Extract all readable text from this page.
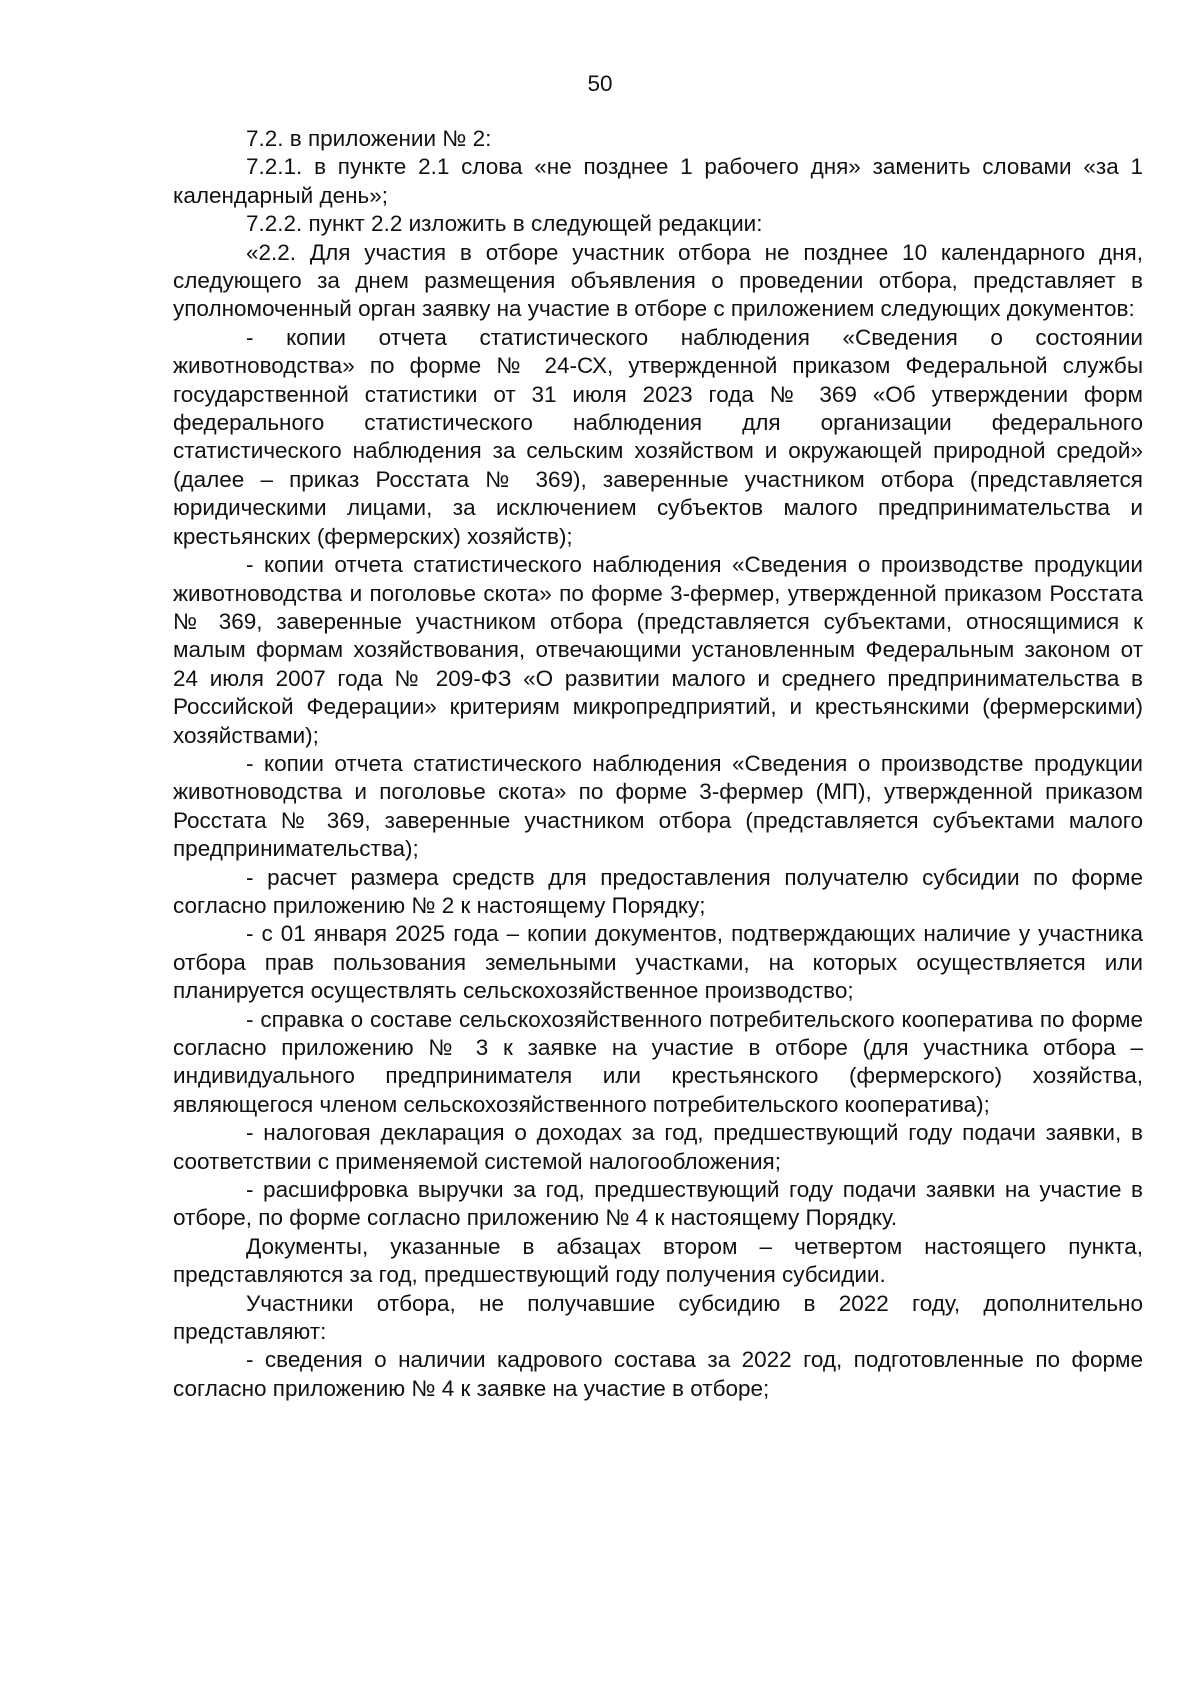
50

7.2. в приложении № 2:

7.2.1. в пункте 2.1 слова «не позднее 1 рабочего дня» заменить словами «за 1 календарный день»;

7.2.2. пункт 2.2 изложить в следующей редакции:

«2.2. Для участия в отборе участник отбора не позднее 10 календарного дня, следующего за днем размещения объявления о проведении отбора, представляет в уполномоченный орган заявку на участие в отборе с приложением следующих документов:

- копии отчета статистического наблюдения «Сведения о состоянии животноводства» по форме № 24-СХ, утвержденной приказом Федеральной службы государственной статистики от 31 июля 2023 года № 369 «Об утверждении форм федерального статистического наблюдения для организации федерального статистического наблюдения за сельским хозяйством и окружающей природной средой» (далее – приказ Росстата № 369), заверенные участником отбора (представляется юридическими лицами, за исключением субъектов малого предпринимательства и крестьянских (фермерских) хозяйств);

- копии отчета статистического наблюдения «Сведения о производстве продукции животноводства и поголовье скота» по форме 3-фермер, утвержденной приказом Росстата № 369, заверенные участником отбора (представляется субъектами, относящимися к малым формам хозяйствования, отвечающими установленным Федеральным законом от 24 июля 2007 года № 209-ФЗ «О развитии малого и среднего предпринимательства в Российской Федерации» критериям микропредприятий, и крестьянскими (фермерскими) хозяйствами);

- копии отчета статистического наблюдения «Сведения о производстве продукции животноводства и поголовье скота» по форме 3-фермер (МП), утвержденной приказом Росстата № 369, заверенные участником отбора (представляется субъектами малого предпринимательства);

- расчет размера средств для предоставления получателю субсидии по форме согласно приложению № 2 к настоящему Порядку;

- с 01 января 2025 года – копии документов, подтверждающих наличие у участника отбора прав пользования земельными участками, на которых осуществляется или планируется осуществлять сельскохозяйственное производство;

- справка о составе сельскохозяйственного потребительского кооператива по форме согласно приложению № 3 к заявке на участие в отборе (для участника отбора – индивидуального предпринимателя или крестьянского (фермерского) хозяйства, являющегося членом сельскохозяйственного потребительского кооператива);

- налоговая декларация о доходах за год, предшествующий году подачи заявки, в соответствии с применяемой системой налогообложения;

- расшифровка выручки за год, предшествующий году подачи заявки на участие в отборе, по форме согласно приложению № 4 к настоящему Порядку.

Документы, указанные в абзацах втором – четвертом настоящего пункта, представляются за год, предшествующий году получения субсидии.

Участники отбора, не получавшие субсидию в 2022 году, дополнительно представляют:

- сведения о наличии кадрового состава за 2022 год, подготовленные по форме согласно приложению № 4 к заявке на участие в отборе;
